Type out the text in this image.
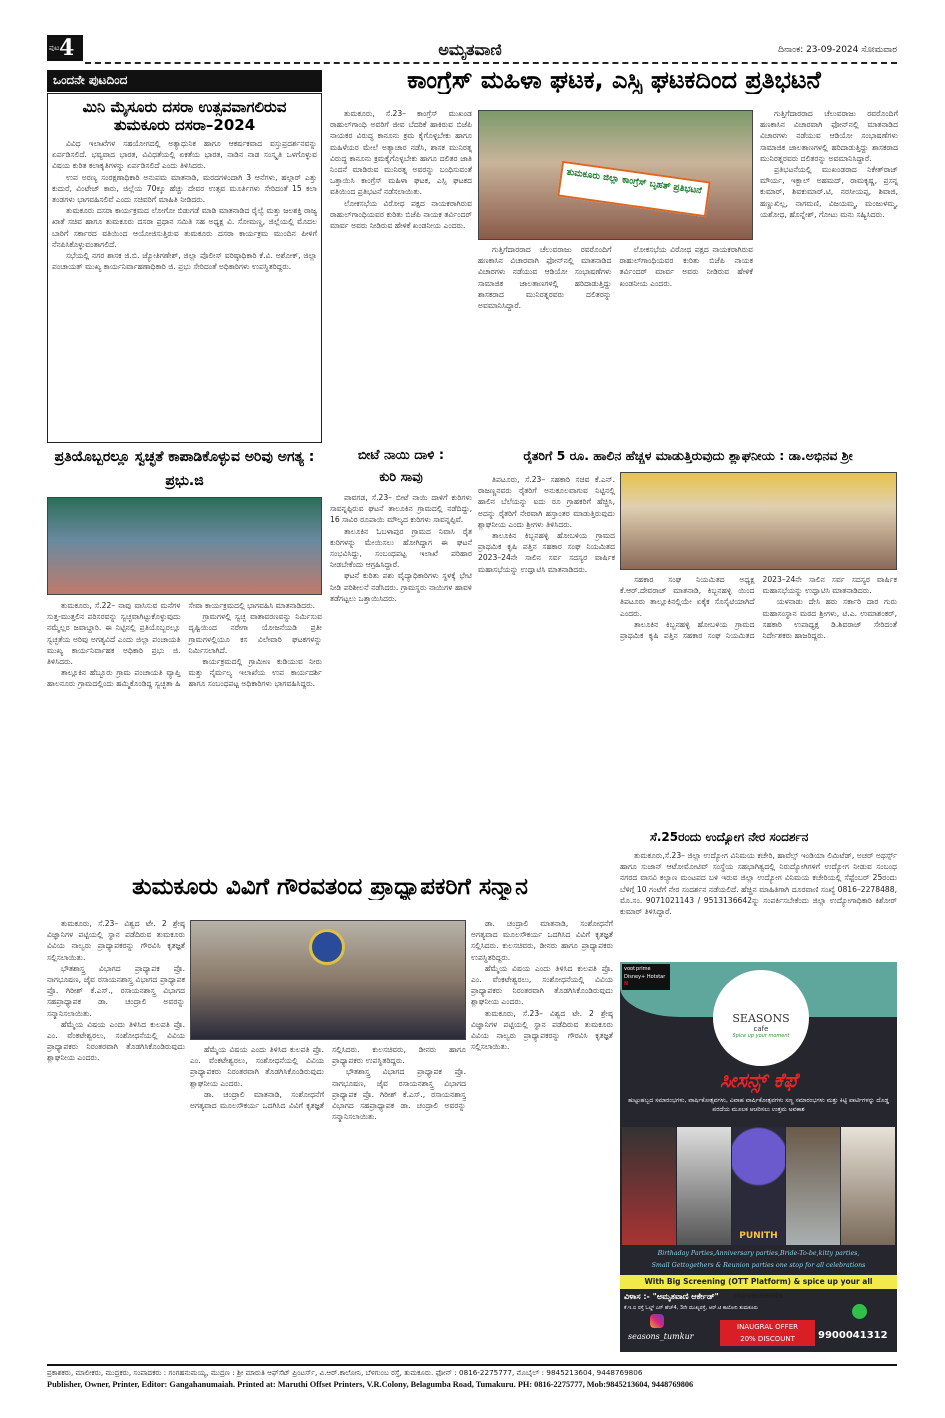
ಪುಟ 4	ಅಮೃತವಾಣಿ	ದಿನಾಂಕ: 23-09-2024 ಸೋಮವಾರ
ಒಂದನೇ ಪುಟದಿಂದ
ಮಿನಿ ಮೈಸೂರು ದಸರಾ ಉತ್ಸವವಾಗಲಿರುವ
ತುಮಕೂರು ದಸರಾ–2024

ವಿವಿಧ ಇಲಾಖೆಗಳ ಸಹಯೋಗದಲ್ಲಿ ಅತ್ಯಾಧುನಿಕ ಹಾಗೂ ಆಕರ್ಷಕವಾದ ವಸ್ತುಪ್ರದರ್ಶನವನ್ನು ಏರ್ಪಡಿಸಲಿದೆ. ಭವ್ಯವಾದ ಭಾರತ, ವಿವಿಧತೆಯಲ್ಲಿ ಏಕತೆಯ ಭಾರತ, ನಾಡಿನ ನಾಡ ಸಂಸ್ಕೃತಿ ಒಳಗೊಳ್ಳುವ ವಿಷಯ ಕುರಿತ ಕಲಾಕೃತಿಗಳನ್ನು ಏರ್ಪಡಿಸಲಿದೆ ಎಂದು ತಿಳಿಸಿದರು.

ಉಪ ಅರಣ್ಯ ಸಂರಕ್ಷಣಾಧಿಕಾರಿ ಅನುಪಮ ಮಾತನಾಡಿ, ಮರದಗಳಿಂದಾಗಿ 3 ಆನೆಗಳು, ಹಲ್ಗಾರ್ ಎತ್ತು ಕುದುರೆ, ವಿಂಟೇಜ್ ಕಾರು, ಜಿಲ್ಲೆಯ 70ಕ್ಕೂ ಹೆಚ್ಚು ದೇವರ ಉತ್ಸವ ಮೂರ್ತಿಗಳು ಸೇರಿದಂತೆ 15 ಕಲಾ ತಂಡಗಳು ಭಾಗವಹಿಸಲಿವೆ ಎಂದು ಸಚಿವರಿಗೆ ಮಾಹಿತಿ ನೀಡಿದರು.

ತುಮಕೂರು ದಸರಾ ಕಾರ್ಯಕ್ರಮದ ಲೋಗೋ ಬಿಡುಗಡೆ ಮಾಡಿ ಮಾತನಾಡಿದ ರೈಲ್ವೆ ಮತ್ತು ಜಲಶಕ್ತಿ ರಾಜ್ಯ ಖಾತೆ ಸಚಿವ ಹಾಗೂ ತುಮಕೂರು ದಸರಾ ಪ್ರಧಾನ ಸಮಿತಿ ಸಹ ಅಧ್ಯಕ್ಷ ವಿ. ಸೋಮಣ್ಣ, ಜಿಲ್ಲೆಯಲ್ಲಿ ಮೊದಲ ಬಾರಿಗೆ ಸರ್ಕಾರದ ವತಿಯಿಂದ ಆಯೋಜಿಸುತ್ತಿರುವ ತುಮಕೂರು ದಸರಾ ಕಾರ್ಯಕ್ರಮ ಮುಂದಿನ ಪೀಳಿಗೆ ನೆನಪಿಸಿಕೊಳ್ಳುವಂತಾಗಲಿದೆ.

ಸಭೆಯಲ್ಲಿ ನಗರ ಶಾಸಕ ಜಿ.ಬಿ. ಜ್ಯೋತಿಗಣೇಶ್, ಜಿಲ್ಲಾ ಪೊಲೀಸ್ ವರಿಷ್ಠಾಧಿಕಾರಿ ಕೆ.ವಿ. ಅಶೋಕ್, ಜಿಲ್ಲಾ ಪಂಚಾಯತ್ ಮುಖ್ಯ ಕಾರ್ಯನಿರ್ವಾಹಣಾಧಿಕಾರಿ ಜಿ. ಪ್ರಭು ಸೇರಿದಂತೆ ಅಧಿಕಾರಿಗಳು ಉಪಸ್ಥಿತರಿದ್ದರು.

ಕಾಂಗ್ರೆಸ್ ಮಹಿಳಾ ಘಟಕ, ಎಸ್ಸಿ ಘಟಕದಿಂದ ಪ್ರತಿಭಟನೆ

ತುಮಕೂರು, ಸೆ.23– ಕಾಂಗ್ರೆಸ್ ಮುಖಂಡ ರಾಹುಲ್‌ಗಾಂಧಿ ಅವರಿಗೆ ಜೀವ ಬೆದರಿಕೆ ಹಾಕಿರುವ ಬಿಜೆಪಿ ನಾಯಕರ ವಿರುದ್ಧ ಕಾನೂನು ಕ್ರಮ ಕೈಗೊಳ್ಳಬೇಕು ಹಾಗೂ ಮಹಿಳೆಯರ ಮೇಲೆ ಅತ್ಯಾಚಾರ ನಡೆಸಿ, ಶಾಸಕ ಮುನಿರತ್ನ ವಿರುದ್ಧ ಕಾನೂನು ಕ್ರಮಕೈಗೊಳ್ಳಬೇಕು ಹಾಗೂ ದಲಿತರ ಜಾತಿ ನಿಂದನೆ ಮಾಡಿರುವ ಮುನಿರತ್ನ ಅವರನ್ನು ಬಂಧಿಸುವಂತೆ ಒತ್ತಾಯಿಸಿ ಕಾಂಗ್ರೆಸ್ ಮಹಿಳಾ ಘಟಕ, ಎಸ್ಸಿ ಘಟಕದ ವತಿಯಿಂದ ಪ್ರತಿಭಟನೆ ನಡೆಸಲಾಯಿತು.

ಲೋಕಸಭೆಯ ವಿರೋಧ ಪಕ್ಷದ ನಾಯಕರಾಗಿರುವ ರಾಹುಲ್‌ಗಾಂಧಿಯವರ ಕುರಿತು ಬಿಜೆಪಿ ನಾಯಕ ತರ್ವಿಂದರ್ ಮಾರ್ವ ಅವರು ನೀಡಿರುವ ಹೇಳಿಕೆ ಖಂಡನೀಯ ಎಂದರು.

ತುಮಕೂರು ಜಿಲ್ಲಾ ಕಾಂಗ್ರೆಸ್ ಬೃಹತ್ ಪ್ರತಿಭಟನೆ

ಗುತ್ತಿಗೆದಾರರಾದ ಚೆಲುವರಾಜು ರವರೊಂದಿಗೆ ಹಣಕಾಸಿನ ವಿಚಾರವಾಗಿ ಫೋನ್‌ನಲ್ಲಿ ಮಾತನಾಡಿದ ವಿಚಾರಗಳು ನಡೆಯುವ ಆಡಿಯೋ ಸಂಭಾಷಣೆಗಳು ಸಾಮಾಜಿಕ ಜಾಲತಾಣಗಳಲ್ಲಿ ಹರಿದಾಡುತ್ತಿದ್ದು ಶಾಸಕರಾದ ಮುನಿರತ್ನರವರು ದಲಿತರನ್ನು ಅವಮಾನಿಸಿದ್ದಾರೆ.

ಲೋಕಸಭೆಯ ವಿರೋಧ ಪಕ್ಷದ ನಾಯಕರಾಗಿರುವ ರಾಹುಲ್‌ಗಾಂಧಿಯವರ ಕುರಿತು ಬಿಜೆಪಿ ನಾಯಕ ತರ್ವಿಂದರ್ ಮಾರ್ವ ಅವರು ನೀಡಿರುವ ಹೇಳಿಕೆ ಖಂಡನೀಯ ಎಂದರು.

ಗುತ್ತಿಗೆದಾರರಾದ ಚೆಲುವರಾಜು ರವರೊಂದಿಗೆ ಹಣಕಾಸಿನ ವಿಚಾರವಾಗಿ ಫೋನ್‌ನಲ್ಲಿ ಮಾತನಾಡಿದ ವಿಚಾರಗಳು ನಡೆಯುವ ಆಡಿಯೋ ಸಂಭಾಷಣೆಗಳು ಸಾಮಾಜಿಕ ಜಾಲತಾಣಗಳಲ್ಲಿ ಹರಿದಾಡುತ್ತಿದ್ದು ಶಾಸಕರಾದ ಮುನಿರತ್ನರವರು ದಲಿತರನ್ನು ಅವಮಾನಿಸಿದ್ದಾರೆ.

ಪ್ರತಿಭಟನೆಯಲ್ಲಿ ಮುಖಂಡರಾದ ನಿಕೇತ್‌ರಾಜ್ ಮೌರ್ಯ, ಇಕ್ಬಾಲ್ ಅಹಮದ್, ರಾಮಕೃಷ್ಣ, ಪ್ರಸನ್ನ ಕುಮಾರ್, ಶಿವಕುಮಾರ್.ಟಿ, ನರಸೀಯಪ್ಪ, ಶಿವಾಜಿ, ಹಣ್ಣುಖಿಲ್ಲ, ನಾಗಮಣಿ, ವಿಜಯಮ್ಮ, ಮಂಜುಳಮ್ಮ, ಯಶೋಧ, ಹೊನ್ನೇಶ್, ಗೋಟು ಮನು ಸಹ್ಯಿಸಿದರು.

ಪ್ರತಿಯೊಬ್ಬರಲ್ಲೂ ಸ್ವಚ್ಛತೆ ಕಾಪಾಡಿಕೊಳ್ಳುವ ಅರಿವು ಅಗತ್ಯ : ಪ್ರಭು.ಜಿ

ತುಮಕೂರು, ಸೆ.22– ನಾವು ವಾಸಿಸುವ ಮನೆಗಳ ಸುತ್ತ-ಮುತ್ತಲಿನ ಪರಿಸರವನ್ನು ಸ್ವಚ್ಛವಾಗಿಟ್ಟುಕೊಳ್ಳುವುದು ನಮ್ಮೆಲ್ಲರ ಜವಾಬ್ದಾರಿ. ಈ ನಿಟ್ಟಿನಲ್ಲಿ ಪ್ರತಿಯೊಬ್ಬರಲ್ಲೂ ಸ್ವಚ್ಛತೆಯ ಅರಿವು ಅಗತ್ಯವಿದೆ ಎಂದು ಜಿಲ್ಲಾ ಪಂಚಾಯತಿ ಮುಖ್ಯ ಕಾರ್ಯನಿರ್ವಾಹಕ ಅಧಿಕಾರಿ ಪ್ರಭು ಜಿ. ತಿಳಿಸಿದರು.

ತಾಲ್ಲೂಕಿನ ಹೆಬ್ಬೂರು ಗ್ರಾಮ ಪಂಚಾಯತಿ ವ್ಯಾಪ್ತಿ ಹಾಲನೂರು ಗ್ರಾಮದಲ್ಲಿಂದು ಹಮ್ಮಿಕೊಂಡಿದ್ದ ಸ್ವಚ್ಛತಾ ಹಿ ಸೇವಾ ಕಾರ್ಯಕ್ರಮದಲ್ಲಿ ಭಾಗವಹಿಸಿ ಮಾತನಾಡಿದರು.

ಗ್ರಾಮಗಳಲ್ಲಿ ಸ್ವಚ್ಛ ವಾತಾವರಣವನ್ನು ನಿರ್ಮಿಸುವ ದೃಷ್ಟಿಯಿಂದ ನರೇಗಾ ಯೋಜನೆಯಡಿ ಪ್ರತೀ ಗ್ರಾಮಗಳಲ್ಲಿಯೂ ಕಸ ವಿಲೇವಾರಿ ಘಟಕಗಳನ್ನು ನಿರ್ಮಿಸಲಾಗಿದೆ.

ಕಾರ್ಯಕ್ರಮದಲ್ಲಿ ಗ್ರಾಮೀಣ ಕುಡಿಯುವ ನೀರು ಮತ್ತು ನೈರ್ಮಲ್ಯ ಇಲಾಖೆಯ ಉಪ ಕಾರ್ಯದರ್ಶಿ ಹಾಗೂ ಸಂಬಂಧಪಟ್ಟ ಅಧಿಕಾರಿಗಳು ಭಾಗವಹಿಸಿದ್ದರು.

ಬೀಟೆ ನಾಯಿ ದಾಳಿ :
ಕುರಿ ಸಾವು

ಪಾವಗಡ, ಸೆ.23– ಬೀಟೆ ನಾಯಿ ದಾಳಿಗೆ ಕುರಿಗಳು ಸಾವನ್ನಪ್ಪಿರುವ ಘಟನೆ ತಾಲೂಕಿನ ಗ್ರಾಮದಲ್ಲಿ ನಡೆದಿದ್ದು, 16 ಸಾವಿರ ರೂಪಾಯಿ ಮೌಲ್ಯದ ಕುರಿಗಳು ಸಾವನ್ನಪ್ಪಿವೆ.

ತಾಲೂಕಿನ ಓಬಳಾಪುರ ಗ್ರಾಮದ ನಿವಾಸಿ ರೈತ ಕುರಿಗಳನ್ನು ಮೇಯಿಸಲು ಹೋಗಿದ್ದಾಗ ಈ ಘಟನೆ ಸಂಭವಿಸಿದ್ದು, ಸಂಬಂಧಪಟ್ಟ ಇಲಾಖೆ ಪರಿಹಾರ ನೀಡಬೇಕೆಂದು ಆಗ್ರಹಿಸಿದ್ದಾರೆ.

ಘಟನೆ ಕುರಿತು ಪಶು ವೈದ್ಯಾಧಿಕಾರಿಗಳು ಸ್ಥಳಕ್ಕೆ ಭೇಟಿ ನೀಡಿ ಪರಿಶೀಲನೆ ನಡೆಸಿದರು. ಗ್ರಾಮಸ್ಥರು ನಾಯಿಗಳ ಹಾವಳಿ ತಡೆಗಟ್ಟಲು ಒತ್ತಾಯಿಸಿದರು.

ರೈತರಿಗೆ 5 ರೂ. ಹಾಲಿನ ಹೆಚ್ಚಳ ಮಾಡುತ್ತಿರುವುದು ಶ್ಲಾಘನೀಯ : ಡಾ.ಅಭಿನವ ಶ್ರೀ

ತಿಪಟೂರು, ಸೆ.23– ಸಹಕಾರಿ ಸಚಿವ ಕೆ.ಎನ್. ರಾಜಣ್ಣನವರು ರೈತರಿಗೆ ಅನುಕೂಲವಾಗುವ ನಿಟ್ಟಿನಲ್ಲಿ ಹಾಲಿನ ಬೆಲೆಯನ್ನು ಐದು ರೂ ಗ್ರಾಹಕರಿಗೆ ಹೆಚ್ಚಿಸಿ, ಅದನ್ನು ರೈತರಿಗೆ ನೇರವಾಗಿ ಹಸ್ತಾಂತರ ಮಾಡುತ್ತಿರುವುದು ಶ್ಲಾಘನೀಯ ಎಂದು ಶ್ರೀಗಳು ತಿಳಿಸಿದರು.

ತಾಲೂಕಿನ ಕಿಬ್ಬನಹಳ್ಳಿ ಹೋಬಳಿಯ ಗ್ರಾಮದ ಪ್ರಾಥಮಿಕ ಕೃಷಿ ಪತ್ತಿನ ಸಹಕಾರ ಸಂಘ ನಿಯಮಿತದ 2023–24ನೇ ಸಾಲಿನ ಸರ್ವ ಸದಸ್ಯರ ವಾರ್ಷಿಕ ಮಹಾಸಭೆಯನ್ನು ಉದ್ಘಾಟಿಸಿ ಮಾತನಾಡಿದರು.

ಸಹಕಾರ ಸಂಘ ನಿಯಮಿತದ ಅಧ್ಯಕ್ಷ ಕೆ.ಆರ್.ದೇವರಾಜ್ ಮಾತನಾಡಿ, ಕಿಬ್ಬನಹಳ್ಳಿ ಯಿಂದ ತಿಪಟೂರು ತಾಲ್ಲೂಕಿನಲ್ಲಿಯೇ ಏಕೈಕ ಸೊಸೈಟಿಯಾಗಿದೆ ಎಂದರು.

ತಾಲೂಕಿನ ಕಿಬ್ಬನಹಳ್ಳಿ ಹೋಬಳಿಯ ಗ್ರಾಮದ ಪ್ರಾಥಮಿಕ ಕೃಷಿ ಪತ್ತಿನ ಸಹಕಾರ ಸಂಘ ನಿಯಮಿತದ 2023–24ನೇ ಸಾಲಿನ ಸರ್ವ ಸದಸ್ಯರ ವಾರ್ಷಿಕ ಮಹಾಸಭೆಯನ್ನು ಉದ್ಘಾಟಿಸಿ ಮಾತನಾಡಿದರು.

ಯಳನಾಡು ದೇಸಿ ಹರು ಸರ್ಕಾರಿ ದಾರ ಗುರು ಮಹಾಸಂಸ್ಥಾನ ಮಠದ ಶ್ರೀಗಳು, ಟಿ.ಎ. ಉಮಾಶಂಕರ್, ಸಹಕಾರಿ ಉಪಾಧ್ಯಕ್ಷ ಡಿ.ಶಿವರಾಜ್ ಸೇರಿದಂತೆ ನಿರ್ದೇಶಕರು ಹಾಜರಿದ್ದರು.

ಸೆ.25ರಂದು ಉದ್ಯೋಗ ನೇರ ಸಂದರ್ಶನ

ತುಮಕೂರು,ಸೆ.23– ಜಿಲ್ಲಾ ಉದ್ಯೋಗ ವಿನಿಮಯ ಕಚೇರಿ, ಹಾವೆಲ್ಸ್ ಇಂಡಿಯಾ ಲಿಮಿಟೆಡ್, ಅಚರ್ ಅಥರ್ಸ್ಸ್ ಹಾಗೂ ಸುಜಾನ್ ಆಟೋಮೋಟಿವ್ ಸಂಸ್ಥೆಯ ಸಹಭಾಗಿತ್ವದಲ್ಲಿ ನಿರುದ್ಯೋಗಿಗಳಿಗೆ ಉದ್ಯೋಗ ನೀಡುವ ಸಂಬಂಧ ನಗರದ ವಾಸವಿ ಕಲ್ಯಾಣ ಮಂಟಪದ ಬಳಿ ಇರುವ ಜಿಲ್ಲಾ ಉದ್ಯೋಗ ವಿನಿಮಯ ಕಚೇರಿಯಲ್ಲಿ ಸೆಪ್ಟೆಂಬರ್ 25ರಂದು ಬೆಳಿಗ್ಗೆ 10 ಗಂಟೆಗೆ ನೇರ ಸಂದರ್ಶನ ನಡೆಯಲಿದೆ. ಹೆಚ್ಚಿನ ಮಾಹಿತಿಗಾಗಿ ದೂರವಾಣಿ ಸಂಖ್ಯೆ 0816–2278488, ಮೊ.ಸಂ. 9071021143 / 9513136642ನ್ನು ಸಂಪರ್ಕಿಸಬೇಕೆಂದು ಜಿಲ್ಲಾ ಉದ್ಯೋಗಾಧಿಕಾರಿ ಕಿಶೋರ್ ಕುಮಾರ್ ತಿಳಿಸಿದ್ದಾರೆ.

ತುಮಕೂರು ವಿವಿಗೆ ಗೌರವತಂದ ಪ್ರಾಧ್ಯಾಪಕರಿಗೆ ಸನ್ಮಾನ

ತುಮಕೂರು, ಸೆ.23– ವಿಶ್ವದ ಟೇ. 2 ಶ್ರೇಷ್ಠ ವಿಜ್ಞಾನಿಗಳ ಪಟ್ಟಿಯಲ್ಲಿ ಸ್ಥಾನ ಪಡೆದಿರುವ ತುಮಕೂರು ವಿವಿಯ ನಾಲ್ವರು ಪ್ರಾಧ್ಯಾಪಕರನ್ನು ಗೌರವಿಸಿ ಕೃತಜ್ಞತೆ ಸಲ್ಲಿಸಲಾಯಿತು.

ಭೌತಶಾಸ್ತ್ರ ವಿಭಾಗದ ಪ್ರಾಧ್ಯಾಪಕ ಪ್ರೊ. ನಾಗಭೂಷಣ, ಜೈವ ರಸಾಯನಶಾಸ್ತ್ರ ವಿಭಾಗದ ಪ್ರಾಧ್ಯಾಪಕ ಪ್ರೊ. ಗಿರೀಶ್ ಕೆ.ಎಸ್., ರಸಾಯನಶಾಸ್ತ್ರ ವಿಭಾಗದ ಸಹಪ್ರಾಧ್ಯಾಪಕ ಡಾ. ಚಂದ್ರಾಲಿ ಅವರನ್ನು ಸನ್ಮಾನಿಸಲಾಯಿತು.

ಹೆಮ್ಮೆಯ ವಿಷಯ ಎಂದು ತಿಳಿಸಿದ ಕುಲಪತಿ ಪ್ರೊ. ಎಂ. ವೆಂಕಟೇಶ್ವರಲು, ಸಂಶೋಧನೆಯಲ್ಲಿ ವಿವಿಯ ಪ್ರಾಧ್ಯಾಪಕರು ನಿರಂತರವಾಗಿ ತೊಡಗಿಸಿಕೊಂಡಿರುವುದು ಶ್ಲಾಘನೀಯ ಎಂದರು.

ಹೆಮ್ಮೆಯ ವಿಷಯ ಎಂದು ತಿಳಿಸಿದ ಕುಲಪತಿ ಪ್ರೊ. ಎಂ. ವೆಂಕಟೇಶ್ವರಲು, ಸಂಶೋಧನೆಯಲ್ಲಿ ವಿವಿಯ ಪ್ರಾಧ್ಯಾಪಕರು ನಿರಂತರವಾಗಿ ತೊಡಗಿಸಿಕೊಂಡಿರುವುದು ಶ್ಲಾಘನೀಯ ಎಂದರು.

ಡಾ. ಚಂದ್ರಾಲಿ ಮಾತನಾಡಿ, ಸಂಶೋಧನೆಗೆ ಅಗತ್ಯವಾದ ಮೂಲಸೌಕರ್ಯ ಒದಗಿಸಿದ ವಿವಿಗೆ ಕೃತಜ್ಞತೆ ಸಲ್ಲಿಸಿದರು. ಕುಲಸಚಿವರು, ಡೀನರು ಹಾಗೂ ಪ್ರಾಧ್ಯಾಪಕರು ಉಪಸ್ಥಿತರಿದ್ದರು.

ಭೌತಶಾಸ್ತ್ರ ವಿಭಾಗದ ಪ್ರಾಧ್ಯಾಪಕ ಪ್ರೊ. ನಾಗಭೂಷಣ, ಜೈವ ರಸಾಯನಶಾಸ್ತ್ರ ವಿಭಾಗದ ಪ್ರಾಧ್ಯಾಪಕ ಪ್ರೊ. ಗಿರೀಶ್ ಕೆ.ಎಸ್., ರಸಾಯನಶಾಸ್ತ್ರ ವಿಭಾಗದ ಸಹಪ್ರಾಧ್ಯಾಪಕ ಡಾ. ಚಂದ್ರಾಲಿ ಅವರನ್ನು ಸನ್ಮಾನಿಸಲಾಯಿತು.

ಡಾ. ಚಂದ್ರಾಲಿ ಮಾತನಾಡಿ, ಸಂಶೋಧನೆಗೆ ಅಗತ್ಯವಾದ ಮೂಲಸೌಕರ್ಯ ಒದಗಿಸಿದ ವಿವಿಗೆ ಕೃತಜ್ಞತೆ ಸಲ್ಲಿಸಿದರು. ಕುಲಸಚಿವರು, ಡೀನರು ಹಾಗೂ ಪ್ರಾಧ್ಯಾಪಕರು ಉಪಸ್ಥಿತರಿದ್ದರು.

ಹೆಮ್ಮೆಯ ವಿಷಯ ಎಂದು ತಿಳಿಸಿದ ಕುಲಪತಿ ಪ್ರೊ. ಎಂ. ವೆಂಕಟೇಶ್ವರಲು, ಸಂಶೋಧನೆಯಲ್ಲಿ ವಿವಿಯ ಪ್ರಾಧ್ಯಾಪಕರು ನಿರಂತರವಾಗಿ ತೊಡಗಿಸಿಕೊಂಡಿರುವುದು ಶ್ಲಾಘನೀಯ ಎಂದರು.

ತುಮಕೂರು, ಸೆ.23– ವಿಶ್ವದ ಟೇ. 2 ಶ್ರೇಷ್ಠ ವಿಜ್ಞಾನಿಗಳ ಪಟ್ಟಿಯಲ್ಲಿ ಸ್ಥಾನ ಪಡೆದಿರುವ ತುಮಕೂರು ವಿವಿಯ ನಾಲ್ವರು ಪ್ರಾಧ್ಯಾಪಕರನ್ನು ಗೌರವಿಸಿ ಕೃತಜ್ಞತೆ ಸಲ್ಲಿಸಲಾಯಿತು.

voot prime
Disney+ Hotstar
N
SEASONS
cafe
Spice up your moment
ಸೀಸನ್ಸ್ ಕೆಫೆ
ಹುಟ್ಟುಹಬ್ಬದ ಸಮಾರಂಭಗಳು, ವಾರ್ಷಿಕೋತ್ಸವಗಳು, ವಿವಾಹ ವಾರ್ಷಿಕೋತ್ಸವಗಳು ಸಣ್ಣ ಸಮಾರಂಭಗಳು ಮತ್ತು ಕಿಟ್ಟಿ ಪಾರ್ಟಿಗಳನ್ನು ದೊಡ್ಡ ಪರದೆಯ ಮೂಲಕ ಆಚರಿಸಲು ಉತ್ತಮ ಅವಕಾಶ
PUNITH
Birthaday Parties,Anniversary parties,Bride-To-be,kitty parties,
Small Gettogethers & Reunion parties one stop for all celebrations
With Big Screening (OTT Platform) & spice up your all movements
ವಿಳಾಸ :- "ಅಮೃತವಾಣಿ ಆರ್ಕೇಡ್"
ಕೆ.ಇ.ಬಿ ರಸ್ತೆ ಓಲ್ಡ್ ಎಸ್ ಹೆಚ್4, 3ನೇ ಮುಖ್ಯರಸ್ತೆ, ಆರ್.ಟಿ ಕಾಲೋನಿ ತುಮಕೂರು
seasons_tumkur
INAUGRAL OFFER
20% DISCOUNT	9900041312
ಪ್ರಕಾಶಕರು, ಮಾಲೀಕರು, ಮುದ್ರಕರು, ಸಂಪಾದಕರು : ಗಂಗಹನುಮಯ್ಯ, ಮುದ್ರಣ : ಶ್ರೀ ಮಾರುತಿ ಆಫ್‌ಸೆಟ್ ಪ್ರಿಂಟರ್ಸ್, ವಿ.ಆರ್.ಕಾಲೋನಿ, ಬೆಳಗುಂಬ ರಸ್ತೆ, ತುಮಕೂರು. ಫೋನ್ : 0816-2275777, ಮೊಬೈಲ್ : 9845213604, 9448769806
Publisher, Owner, Printer, Editor: Gangahanumaiah. Printed at: Maruthi Offset Printers, V.R.Colony, Belagumba Road, Tumakuru. PH: 0816-2275777, Mob:9845213604, 9448769806
